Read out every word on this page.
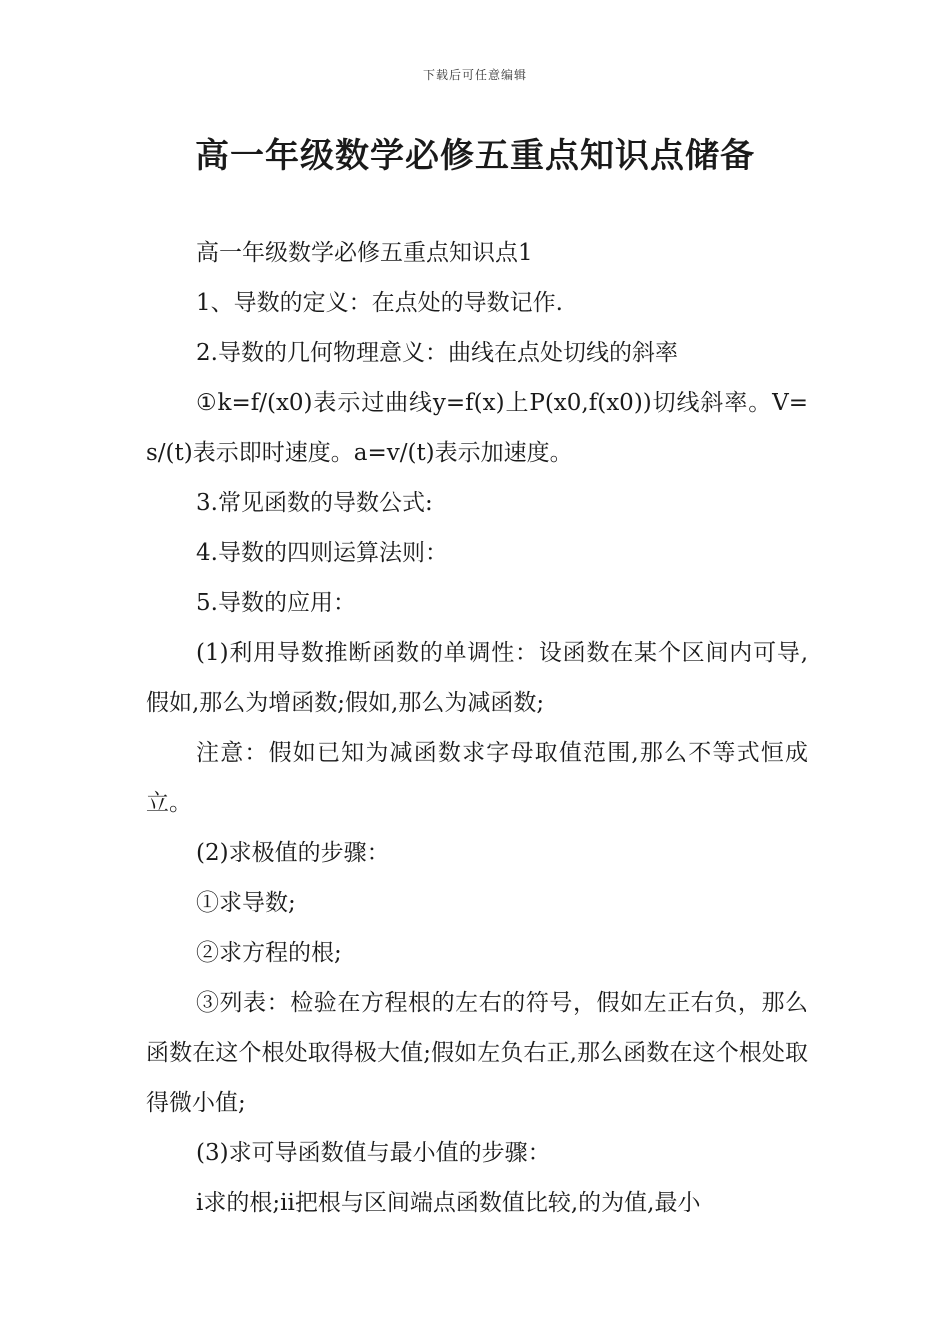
下载后可任意编辑
高一年级数学必修五重点知识点储备

高一年级数学必修五重点知识点1

1、导数的定义：在点处的导数记作.

2.导数的几何物理意义：曲线在点处切线的斜率

①k=f/(x0)表示过曲线y=f(x)上P(x0,f(x0))切线斜率。V=s/(t)表示即时速度。a=v/(t)表示加速度。

3.常见函数的导数公式:

4.导数的四则运算法则：

5.导数的应用：

(1)利用导数推断函数的单调性：设函数在某个区间内可导,假如,那么为增函数;假如,那么为减函数;

注意：假如已知为减函数求字母取值范围,那么不等式恒成立。

(2)求极值的步骤：

①求导数;

②求方程的根;

③列表：检验在方程根的左右的符号，假如左正右负，那么函数在这个根处取得极大值;假如左负右正,那么函数在这个根处取得微小值;

(3)求可导函数值与最小值的步骤：

ⅰ求的根;ⅱ把根与区间端点函数值比较,的为值,最小
